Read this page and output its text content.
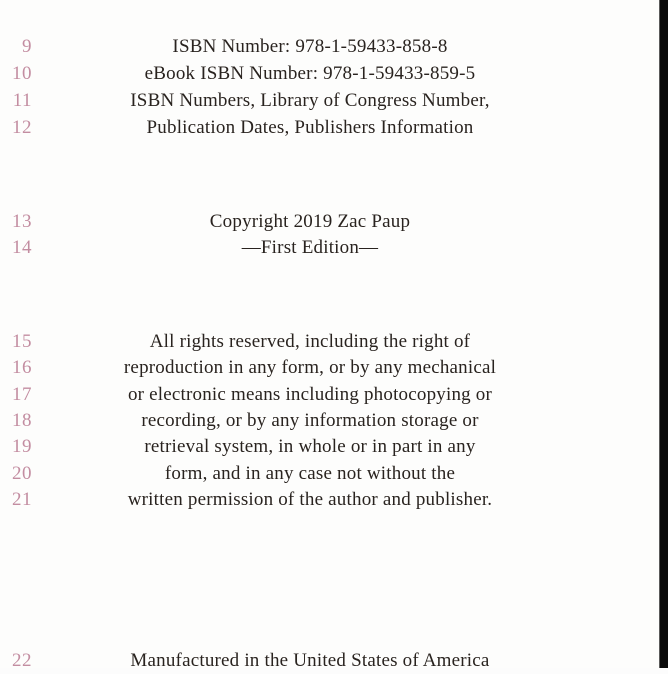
9	ISBN Number: 978-1-59433-858-8
10	eBook ISBN Number: 978-1-59433-859-5
11	ISBN Numbers, Library of Congress Number,
12	Publication Dates, Publishers Information
13	Copyright 2019 Zac Paup
14	—First Edition—
15	All rights reserved, including the right of
16	reproduction in any form, or by any mechanical
17	or electronic means including photocopying or
18	recording, or by any information storage or
19	retrieval system, in whole or in part in any
20	form, and in any case not without the
21	written permission of the author and publisher.
22	Manufactured in the United States of America
